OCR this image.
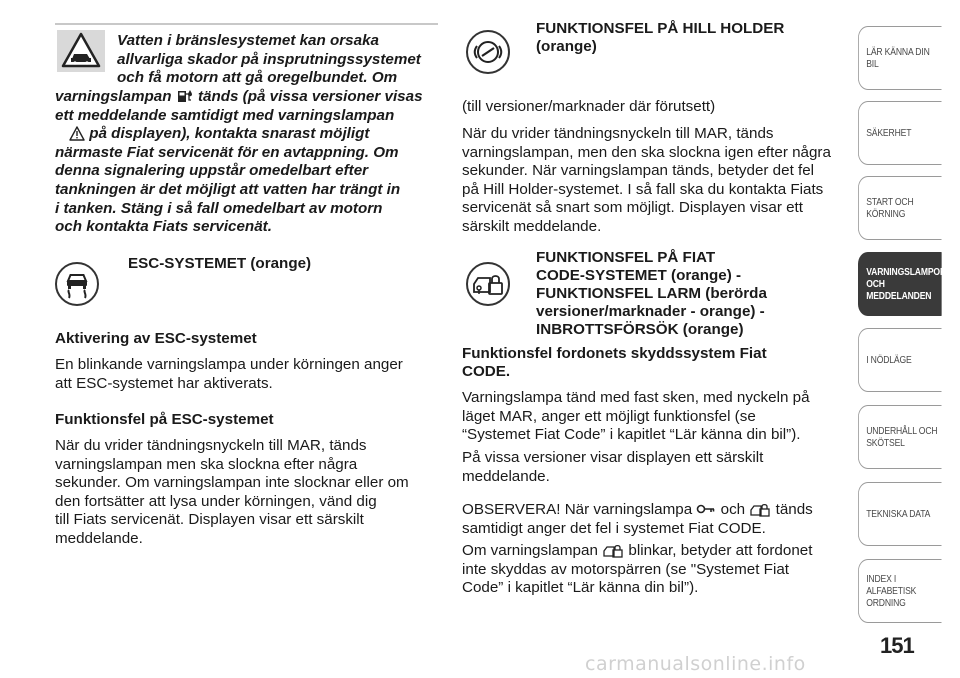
Vatten i bränslesystemet kan orsaka

allvarliga skador på insprutningssystemet

och få motorn att gå oregelbundet. Om

varningslampan tänds (på vissa versioner visas

ett meddelande samtidigt med varningslampan

på displayen), kontakta snarast möjligt

närmaste Fiat servicenät för en avtappning. Om

denna signalering uppstår omedelbart efter

tankningen är det möjligt att vatten har trängt in

i tanken. Stäng i så fall omedelbart av motorn

och kontakta Fiats servicenät.

ESC-SYSTEMET (orange)
Aktivering av ESC-systemet

En blinkande varningslampa under körningen anger

att ESC-systemet har aktiverats.

Funktionsfel på ESC-systemet

När du vrider tändningsnyckeln till MAR, tänds

varningslampan men ska slockna efter några

sekunder. Om varningslampan inte slocknar eller om

den fortsätter att lysa under körningen, vänd dig

till Fiats servicenät. Displayen visar ett särskilt

meddelande.

FUNKTIONSFEL PÅ HILL HOLDER
(orange)

(till versioner/marknader där förutsett)

När du vrider tändningsnyckeln till MAR, tänds

varningslampan, men den ska slockna igen efter några

sekunder. När varningslampan tänds, betyder det fel

på Hill Holder-systemet. I så fall ska du kontakta Fiats

servicenät så snart som möjligt. Displayen visar ett

särskilt meddelande.

FUNKTIONSFEL PÅ FIAT
CODE-SYSTEMET (orange) -
FUNKTIONSFEL LARM (berörda
versioner/marknader - orange) -
INBROTTSFÖRSÖK (orange)
Funktionsfel fordonets skyddssystem Fiat
CODE.

Varningslampa tänd med fast sken, med nyckeln på

läget MAR, anger ett möjligt funktionsfel (se

“Systemet Fiat Code” i kapitlet “Lär känna din bil”).

På vissa versioner visar displayen ett särskilt

meddelande.

OBSERVERA! När varningslampa och tänds

samtidigt anger det fel i systemet Fiat CODE.

Om varningslampan blinkar, betyder att fordonet

inte skyddas av motorspärren (se "Systemet Fiat

Code” i kapitlet “Lär känna din bil”).

LÄR KÄNNA DIN BIL
SÄKERHET
START OCH
KÖRNING
VARNINGSLAMPOR
OCH
MEDDELANDEN
I NÖDLÄGE
UNDERHÅLL OCH
SKÖTSEL
TEKNISKA DATA
INDEX I ALFABETISK
ORDNING
151
carmanualsonline.info
